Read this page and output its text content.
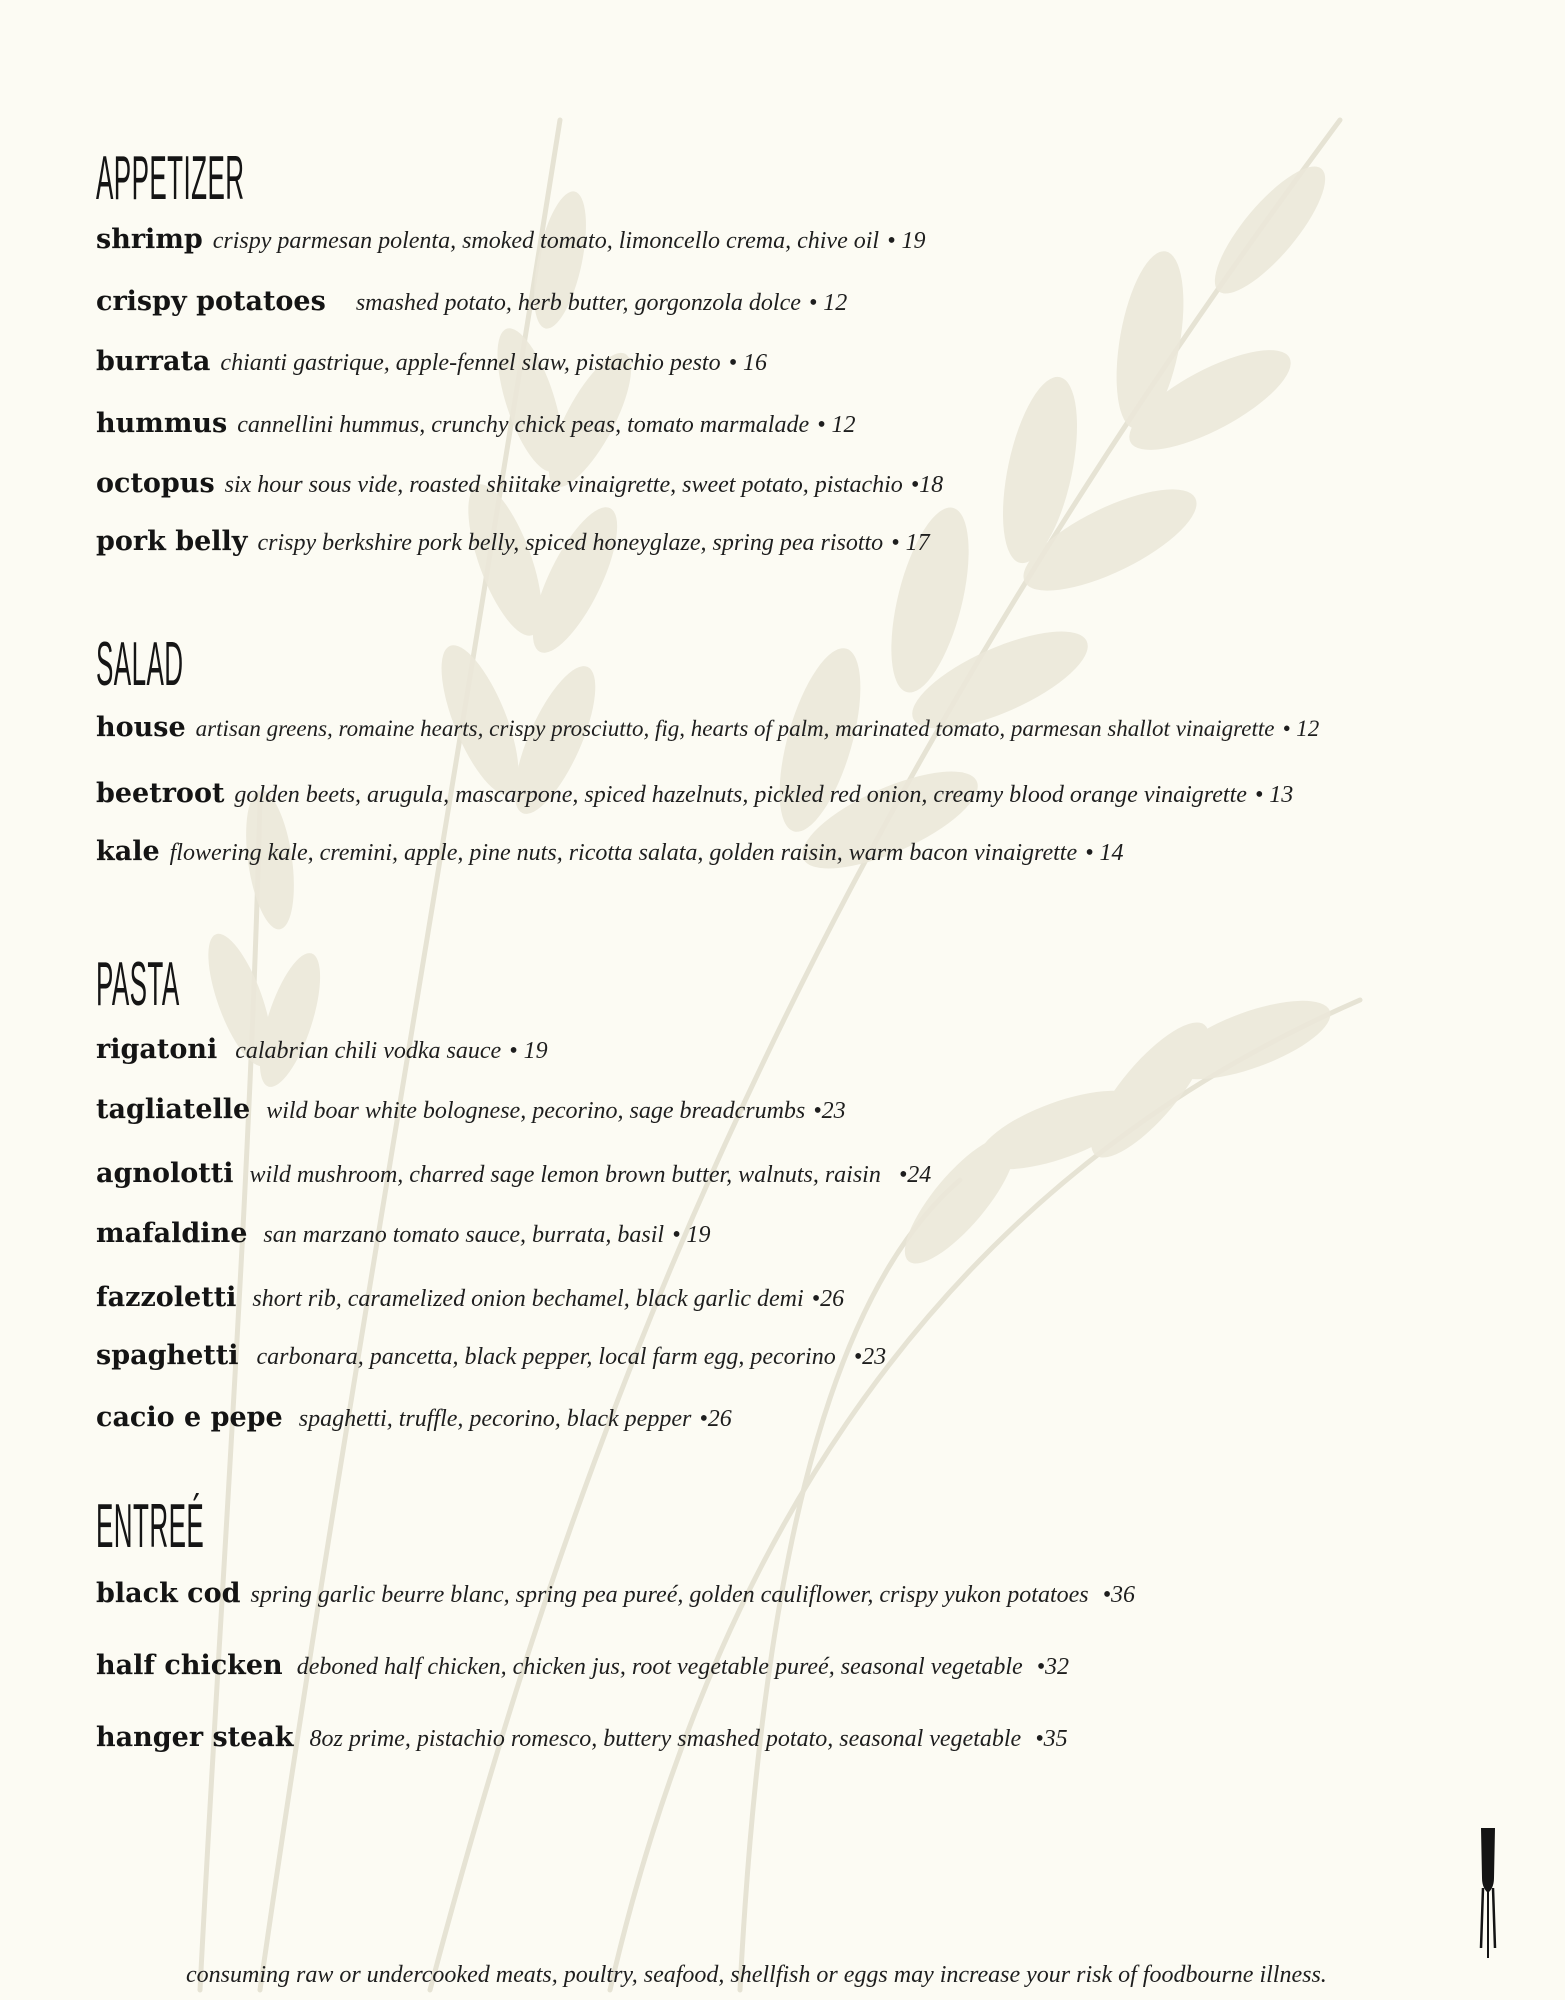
APPETIZER
shrimp crispy parmesan polenta, smoked tomato, limoncello crema, chive oil • 19
crispy potatoes smashed potato, herb butter, gorgonzola dolce • 12
burrata chianti gastrique, apple-fennel slaw, pistachio pesto • 16
hummus cannellini hummus, crunchy chick peas, tomato marmalade • 12
octopus six hour sous vide, roasted shiitake vinaigrette, sweet potato, pistachio •18
pork belly crispy berkshire pork belly, spiced honeyglaze, spring pea risotto • 17
SALAD
house artisan greens, romaine hearts, crispy prosciutto, fig, hearts of palm, marinated tomato, parmesan shallot vinaigrette • 12
beetroot golden beets, arugula, mascarpone, spiced hazelnuts, pickled red onion, creamy blood orange vinaigrette • 13
kale flowering kale, cremini, apple, pine nuts, ricotta salata, golden raisin, warm bacon vinaigrette • 14
PASTA
rigatoni calabrian chili vodka sauce • 19
tagliatelle wild boar white bolognese, pecorino, sage breadcrumbs •23
agnolotti wild mushroom, charred sage lemon brown butter, walnuts, raisin •24
mafaldine san marzano tomato sauce, burrata, basil • 19
fazzoletti short rib, caramelized onion bechamel, black garlic demi •26
spaghetti carbonara, pancetta, black pepper, local farm egg, pecorino •23
cacio e pepe spaghetti, truffle, pecorino, black pepper •26
ENTREÉ
black cod spring garlic beurre blanc, spring pea pureé, golden cauliflower, crispy yukon potatoes •36
half chicken deboned half chicken, chicken jus, root vegetable pureé, seasonal vegetable •32
hanger steak 8oz prime, pistachio romesco, buttery smashed potato, seasonal vegetable •35
consuming raw or undercooked meats, poultry, seafood, shellfish or eggs may increase your risk of foodbourne illness.
